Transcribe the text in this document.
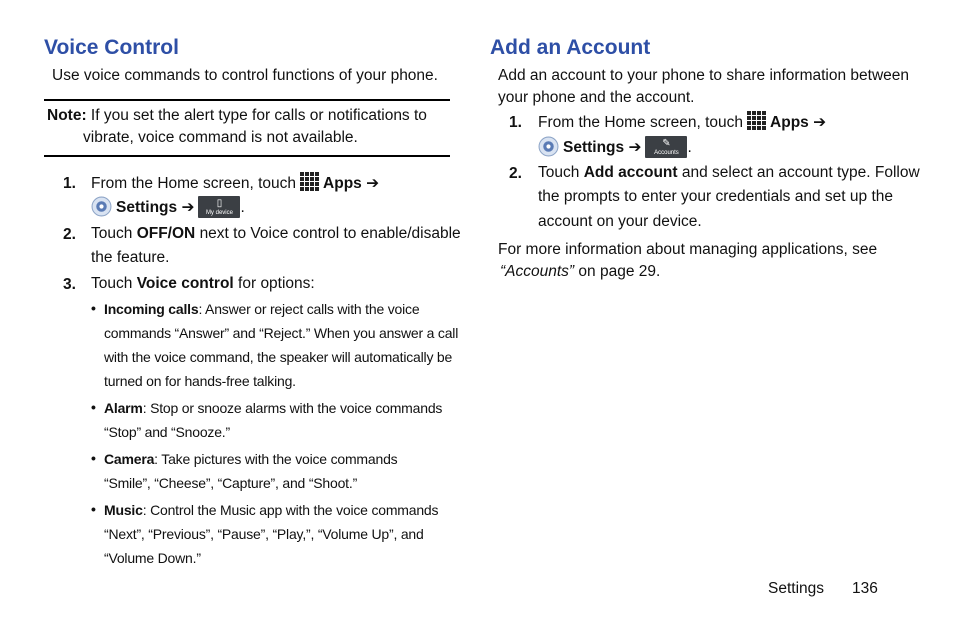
Voice Control

Use voice commands to control functions of your phone.

Note: If you set the alert type for calls or notifications to

vibrate, voice command is not available.

1. From the Home screen, touch Apps ➔

Settings ➔	▯
My device .

2. Touch OFF/ON next to Voice control to enable/disable

the feature.

3. Touch Voice control for options:

• Incoming calls: Answer or reject calls with the voice

commands “Answer” and “Reject.” When you answer a call

with the voice command, the speaker will automatically be

turned on for hands-free talking.

• Alarm: Stop or snooze alarms with the voice commands

“Stop” and “Snooze.”

• Camera: Take pictures with the voice commands

“Smile”, “Cheese”, “Capture”, and “Shoot.”

• Music: Control the Music app with the voice commands

“Next”, “Previous”, “Pause”, “Play,”, “Volume Up”, and

“Volume Down.”

Add an Account

Add an account to your phone to share information between

your phone and the account.

1. From the Home screen, touch Apps ➔

Settings ➔ ✎
Accounts .

2. Touch Add account and select an account type. Follow

the prompts to enter your credentials and set up the

account on your device.

For more information about managing applications, see

“Accounts” on page 29.

Settings 136
